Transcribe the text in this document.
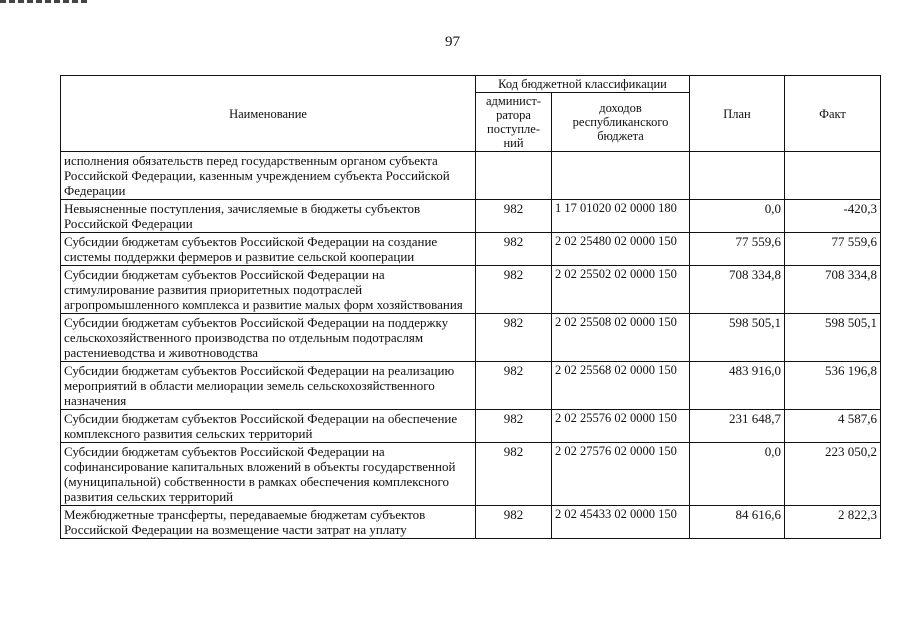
97
Наименование	Код бюджетной классификации		План	Факт
	админист-ратора поступле-ний	доходов республиканского бюджета		
исполнения обязательств перед государственным органом субъекта Российской Федерации, казенным учреждением субъекта Российской Федерации				
Невыясненные поступления, зачисляемые в бюджеты субъектов Российской Федерации	982	1 17 01020 02 0000 180	0,0	-420,3
Субсидии бюджетам субъектов Российской Федерации на создание системы поддержки фермеров и развитие сельской кооперации	982	2 02 25480 02 0000 150	77 559,6	77 559,6
Субсидии бюджетам субъектов Российской Федерации на стимулирование развития приоритетных подотраслей агропромышленного комплекса и развитие малых форм хозяйствования	982	2 02 25502 02 0000 150	708 334,8	708 334,8
Субсидии бюджетам субъектов Российской Федерации на поддержку сельскохозяйственного производства по отдельным подотраслям растениеводства и животноводства	982	2 02 25508 02 0000 150	598 505,1	598 505,1
Субсидии бюджетам субъектов Российской Федерации на реализацию мероприятий в области мелиорации земель сельскохозяйственного назначения	982	2 02 25568 02 0000 150	483 916,0	536 196,8
Субсидии бюджетам субъектов Российской Федерации на обеспечение комплексного развития сельских территорий	982	2 02 25576 02 0000 150	231 648,7	4 587,6
Субсидии бюджетам субъектов Российской Федерации на софинансирование капитальных вложений в объекты государственной (муниципальной) собственности в рамках обеспечения комплексного развития сельских территорий	982	2 02 27576 02 0000 150	0,0	223 050,2
Межбюджетные трансферты, передаваемые бюджетам субъектов Российской Федерации на возмещение части затрат на уплату	982	2 02 45433 02 0000 150	84 616,6	2 822,3
